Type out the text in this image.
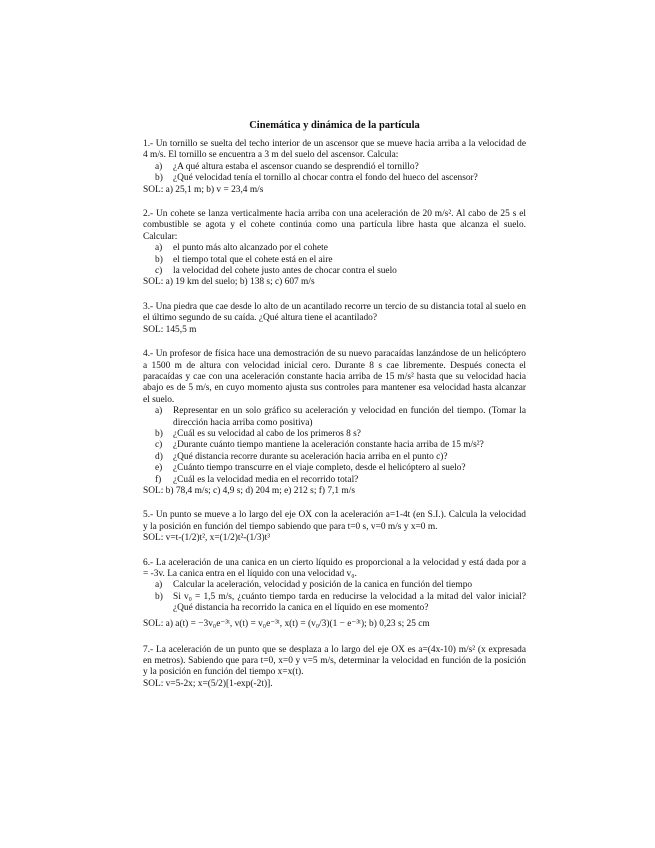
Cinemática y dinámica de la partícula

1.- Un tornillo se suelta del techo interior de un ascensor que se mueve hacia arriba a la velocidad de 4 m/s. El tornillo se encuentra a 3 m del suelo del ascensor. Calcula:

a)	¿A qué altura estaba el ascensor cuando se desprendió el tornillo?
b)	¿Qué velocidad tenía el tornillo al chocar contra el fondo del hueco del ascensor?

SOL: a) 25,1 m; b) v = 23,4 m/s

2.- Un cohete se lanza verticalmente hacia arriba con una aceleración de 20 m/s². Al cabo de 25 s el combustible se agota y el cohete continúa como una partícula libre hasta que alcanza el suelo. Calcular:

a)	el punto más alto alcanzado por el cohete
b)	el tiempo total que el cohete está en el aire
c)	la velocidad del cohete justo antes de chocar contra el suelo

SOL: a) 19 km del suelo; b) 138 s; c) 607 m/s

3.- Una piedra que cae desde lo alto de un acantilado recorre un tercio de su distancia total al suelo en el último segundo de su caída. ¿Qué altura tiene el acantilado?

SOL: 145,5 m

4.- Un profesor de física hace una demostración de su nuevo paracaídas lanzándose de un helicóptero a 1500 m de altura con velocidad inicial cero. Durante 8 s cae libremente. Después conecta el paracaídas y cae con una aceleración constante hacia arriba de 15 m/s² hasta que su velocidad hacia abajo es de 5 m/s, en cuyo momento ajusta sus controles para mantener esa velocidad hasta alcanzar el suelo.

a)	Representar en un solo gráfico su aceleración y velocidad en función del tiempo. (Tomar la dirección hacia arriba como positiva)
b)	¿Cuál es su velocidad al cabo de los primeros 8 s?
c)	¿Durante cuánto tiempo mantiene la aceleración constante hacia arriba de 15 m/s²?
d)	¿Qué distancia recorre durante su aceleración hacia arriba en el punto c)?
e)	¿Cuánto tiempo transcurre en el viaje completo, desde el helicóptero al suelo?
f)	¿Cuál es la velocidad media en el recorrido total?

SOL: b) 78,4 m/s; c) 4,9 s; d) 204 m; e) 212 s; f) 7,1 m/s

5.- Un punto se mueve a lo largo del eje OX con la aceleración a=1-4t (en S.I.). Calcula la velocidad y la posición en función del tiempo sabiendo que para t=0 s, v=0 m/s y x=0 m.

SOL: v=t-(1/2)t², x=(1/2)t²-(1/3)t³

6.- La aceleración de una canica en un cierto líquido es proporcional a la velocidad y está dada por a = -3v. La canica entra en el líquido con una velocidad v₀.

a)	Calcular la aceleración, velocidad y posición de la canica en función del tiempo
b)	Si v₀ = 1,5 m/s, ¿cuánto tiempo tarda en reducirse la velocidad a la mitad del valor inicial? ¿Qué distancia ha recorrido la canica en el líquido en ese momento?

SOL: a) a(t) = −3v₀e⁻³ᵗ, v(t) = v₀e⁻³ᵗ, x(t) = (v₀/3)(1 − e⁻³ᵗ); b) 0,23 s; 25 cm

7.- La aceleración de un punto que se desplaza a lo largo del eje OX es a=(4x-10) m/s² (x expresada en metros). Sabiendo que para t=0, x=0 y v=5 m/s, determinar la velocidad en función de la posición y la posición en función del tiempo x=x(t).

SOL: v=5-2x; x=(5/2)[1-exp(-2t)].
